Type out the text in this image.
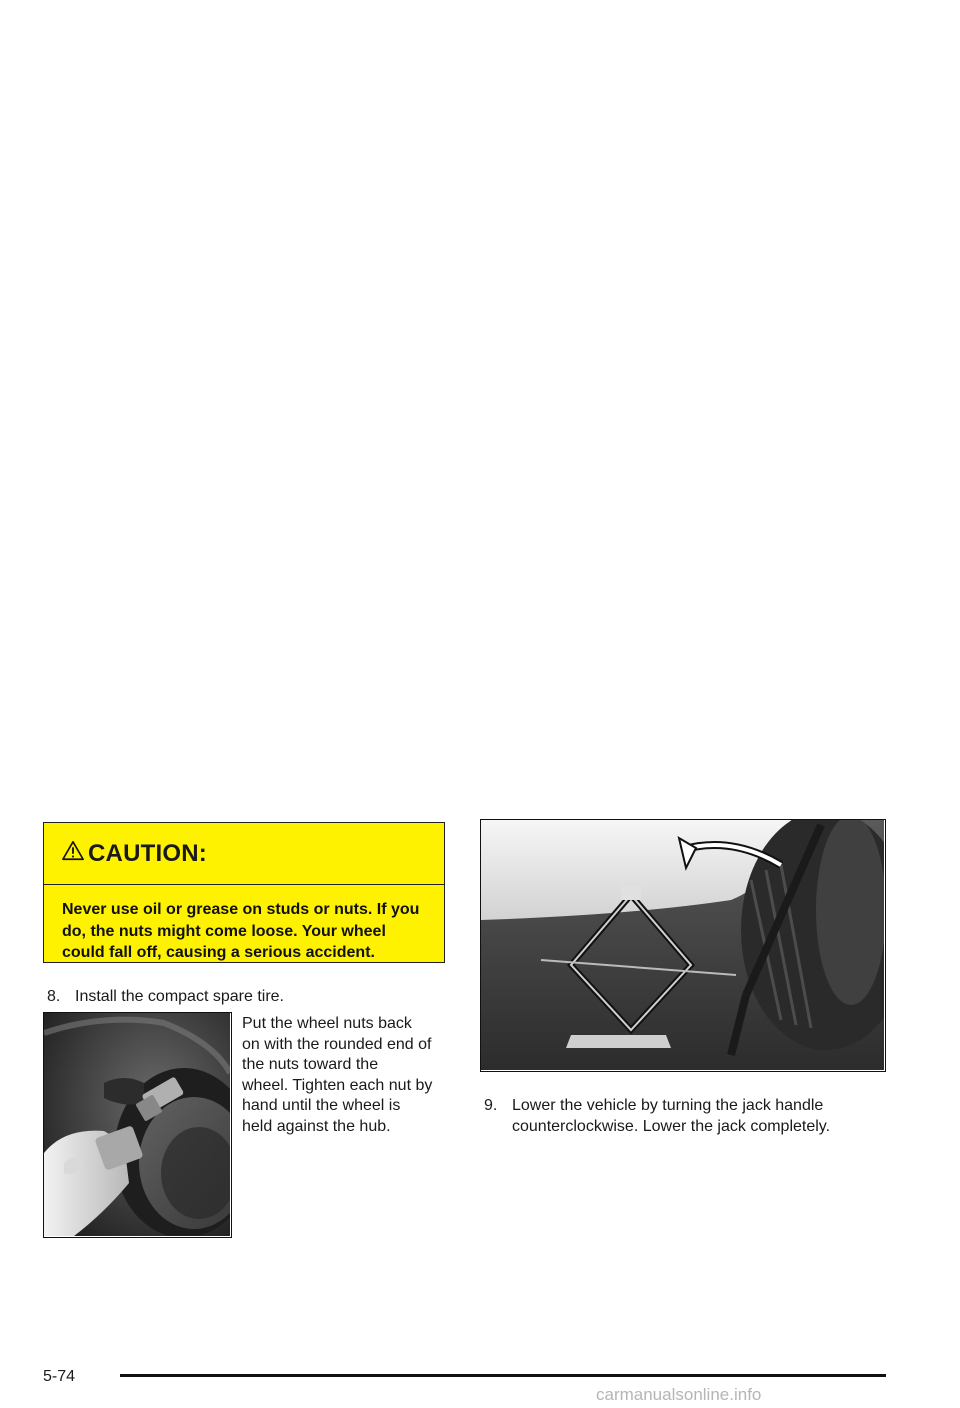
CAUTION:

Never use oil or grease on studs or nuts. If you do, the nuts might come loose. Your wheel could fall off, causing a serious accident.

8. Install the compact spare tire.
Put the wheel nuts back
on with the rounded end of
the nuts toward the
wheel. Tighten each nut by
hand until the wheel is
held against the hub.
9. Lower the vehicle by turning the jack handle
counterclockwise. Lower the jack completely.
5-74
carmanualsonline.info
